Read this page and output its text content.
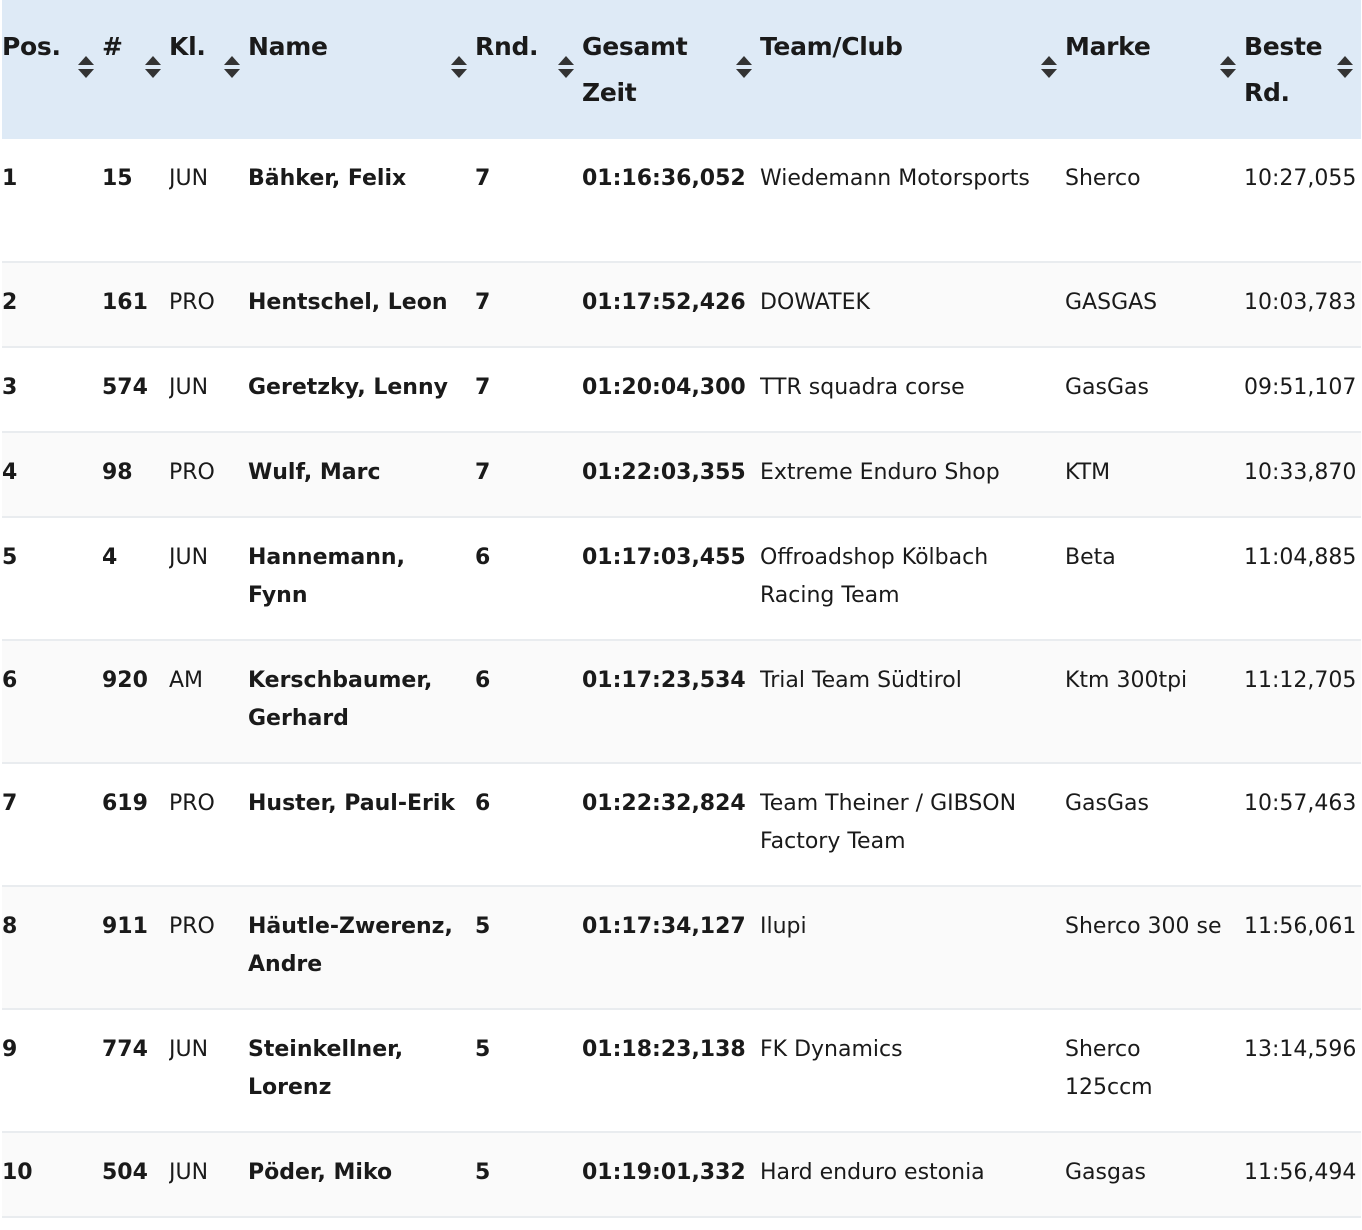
Pos.	#	Kl.	Name	Rnd.	Gesamt Zeit	Team/Club	Marke	Beste Rd.

1	15	JUN	Bähker, Felix	7	01:16:36,052	Wiedemann Motorsports	Sherco	10:27,055
2	161	PRO	Hentschel, Leon	7	01:17:52,426	DOWATEK	GASGAS	10:03,783
3	574	JUN	Geretzky, Lenny	7	01:20:04,300	TTR squadra corse	GasGas	09:51,107
4	98	PRO	Wulf, Marc	7	01:22:03,355	Extreme Enduro Shop	KTM	10:33,870
5	4	JUN	Hannemann, Fynn	6	01:17:03,455	Offroadshop Kölbach Racing Team	Beta	11:04,885
6	920	AM	Kerschbaumer, Gerhard	6	01:17:23,534	Trial Team Südtirol	Ktm 300tpi	11:12,705
7	619	PRO	Huster, Paul-Erik	6	01:22:32,824	Team Theiner / GIBSON Factory Team	GasGas	10:57,463
8	911	PRO	Häutle-Zwerenz, Andre	5	01:17:34,127	Ilupi	Sherco 300 se	11:56,061
9	774	JUN	Steinkellner, Lorenz	5	01:18:23,138	FK Dynamics	Sherco 125ccm	13:14,596
10	504	JUN	Pöder, Miko	5	01:19:01,332	Hard enduro estonia	Gasgas	11:56,494
